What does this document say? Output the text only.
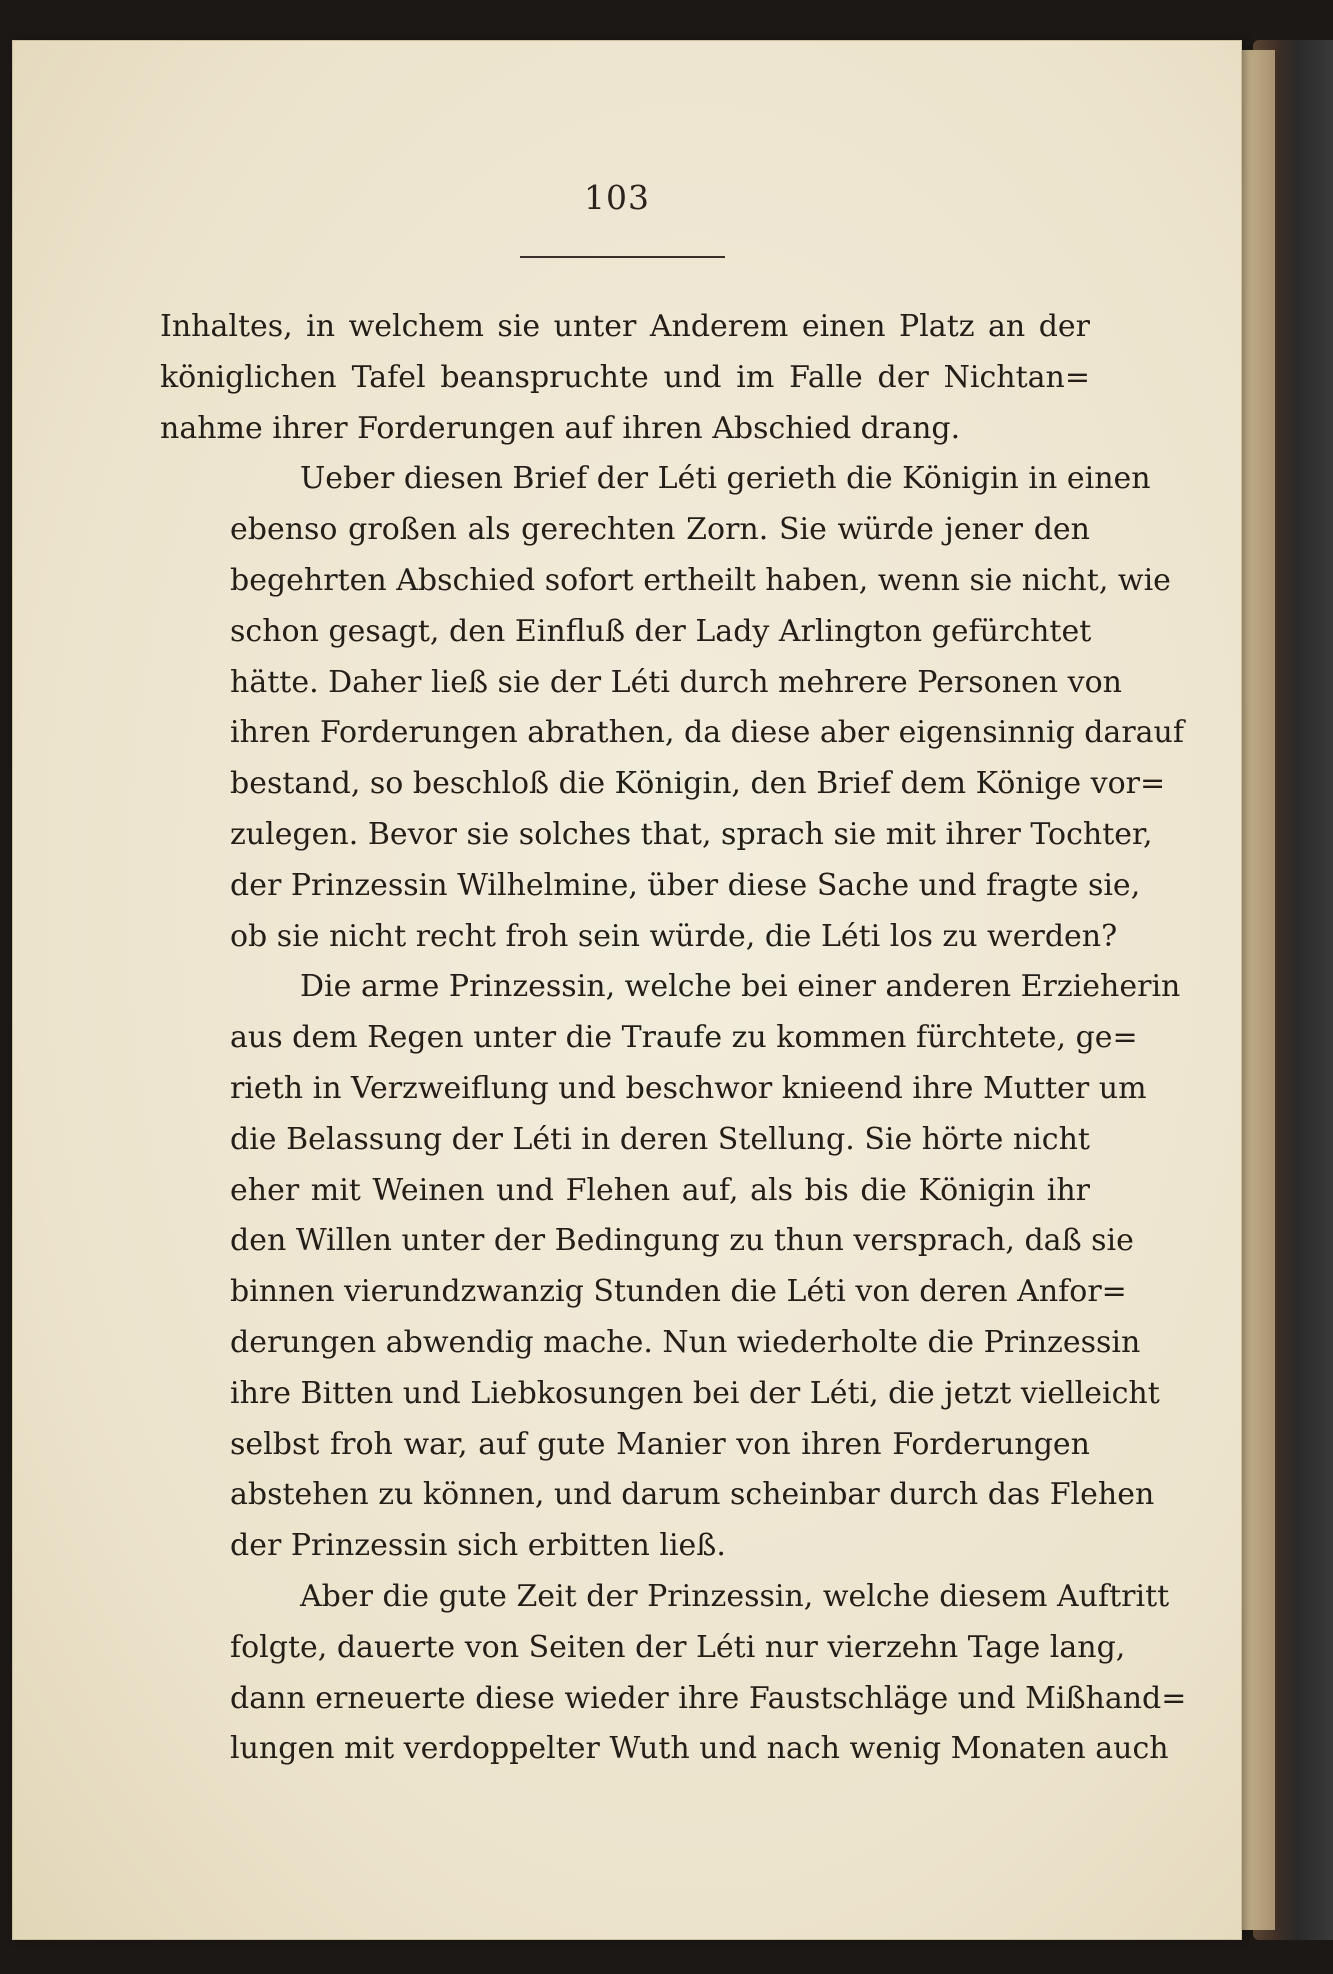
103
Inhaltes, in welchem sie unter Anderem einen Platz an der
königlichen Tafel beanspruchte und im Falle der Nichtan=
nahme ihrer Forderungen auf ihren Abschied drang.
Ueber diesen Brief der Léti gerieth die Königin in einen
ebenso großen als gerechten Zorn. Sie würde jener den
begehrten Abschied sofort ertheilt haben, wenn sie nicht, wie
schon gesagt, den Einfluß der Lady Arlington gefürchtet
hätte. Daher ließ sie der Léti durch mehrere Personen von
ihren Forderungen abrathen, da diese aber eigensinnig darauf
bestand, so beschloß die Königin, den Brief dem Könige vor=
zulegen. Bevor sie solches that, sprach sie mit ihrer Tochter,
der Prinzessin Wilhelmine, über diese Sache und fragte sie,
ob sie nicht recht froh sein würde, die Léti los zu werden?
Die arme Prinzessin, welche bei einer anderen Erzieherin
aus dem Regen unter die Traufe zu kommen fürchtete, ge=
rieth in Verzweiflung und beschwor knieend ihre Mutter um
die Belassung der Léti in deren Stellung. Sie hörte nicht
eher mit Weinen und Flehen auf, als bis die Königin ihr
den Willen unter der Bedingung zu thun versprach, daß sie
binnen vierundzwanzig Stunden die Léti von deren Anfor=
derungen abwendig mache. Nun wiederholte die Prinzessin
ihre Bitten und Liebkosungen bei der Léti, die jetzt vielleicht
selbst froh war, auf gute Manier von ihren Forderungen
abstehen zu können, und darum scheinbar durch das Flehen
der Prinzessin sich erbitten ließ.
Aber die gute Zeit der Prinzessin, welche diesem Auftritt
folgte, dauerte von Seiten der Léti nur vierzehn Tage lang,
dann erneuerte diese wieder ihre Faustschläge und Mißhand=
lungen mit verdoppelter Wuth und nach wenig Monaten auch
